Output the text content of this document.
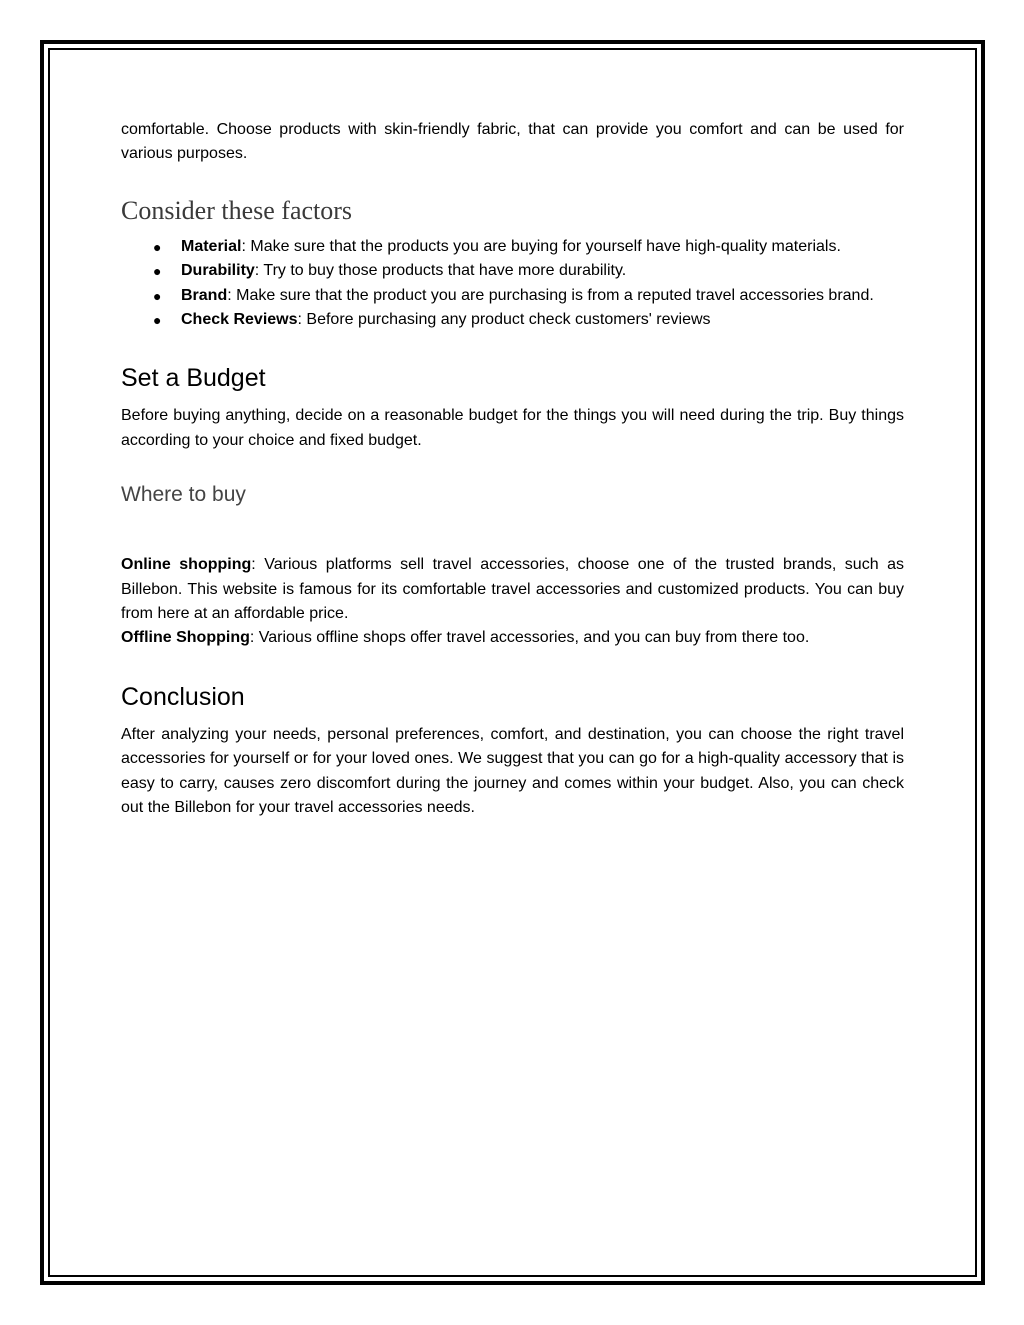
comfortable. Choose products with skin-friendly fabric, that can provide you comfort and can be used for various purposes.

Consider these factors
● Material: Make sure that the products you are buying for yourself have high-quality materials.
● Durability: Try to buy those products that have more durability.
● Brand: Make sure that the product you are purchasing is from a reputed travel accessories brand.
● Check Reviews: Before purchasing any product check customers' reviews
Set a Budget

Before buying anything, decide on a reasonable budget for the things you will need during the trip. Buy things according to your choice and fixed budget.

Where to buy

Online shopping: Various platforms sell travel accessories, choose one of the trusted brands, such as Billebon. This website is famous for its comfortable travel accessories and customized products. You can buy from here at an affordable price.

Offline Shopping: Various offline shops offer travel accessories, and you can buy from there too.

Conclusion

After analyzing your needs, personal preferences, comfort, and destination, you can choose the right travel accessories for yourself or for your loved ones. We suggest that you can go for a high-quality accessory that is easy to carry, causes zero discomfort during the journey and comes within your budget. Also, you can check out the Billebon for your travel accessories needs.
